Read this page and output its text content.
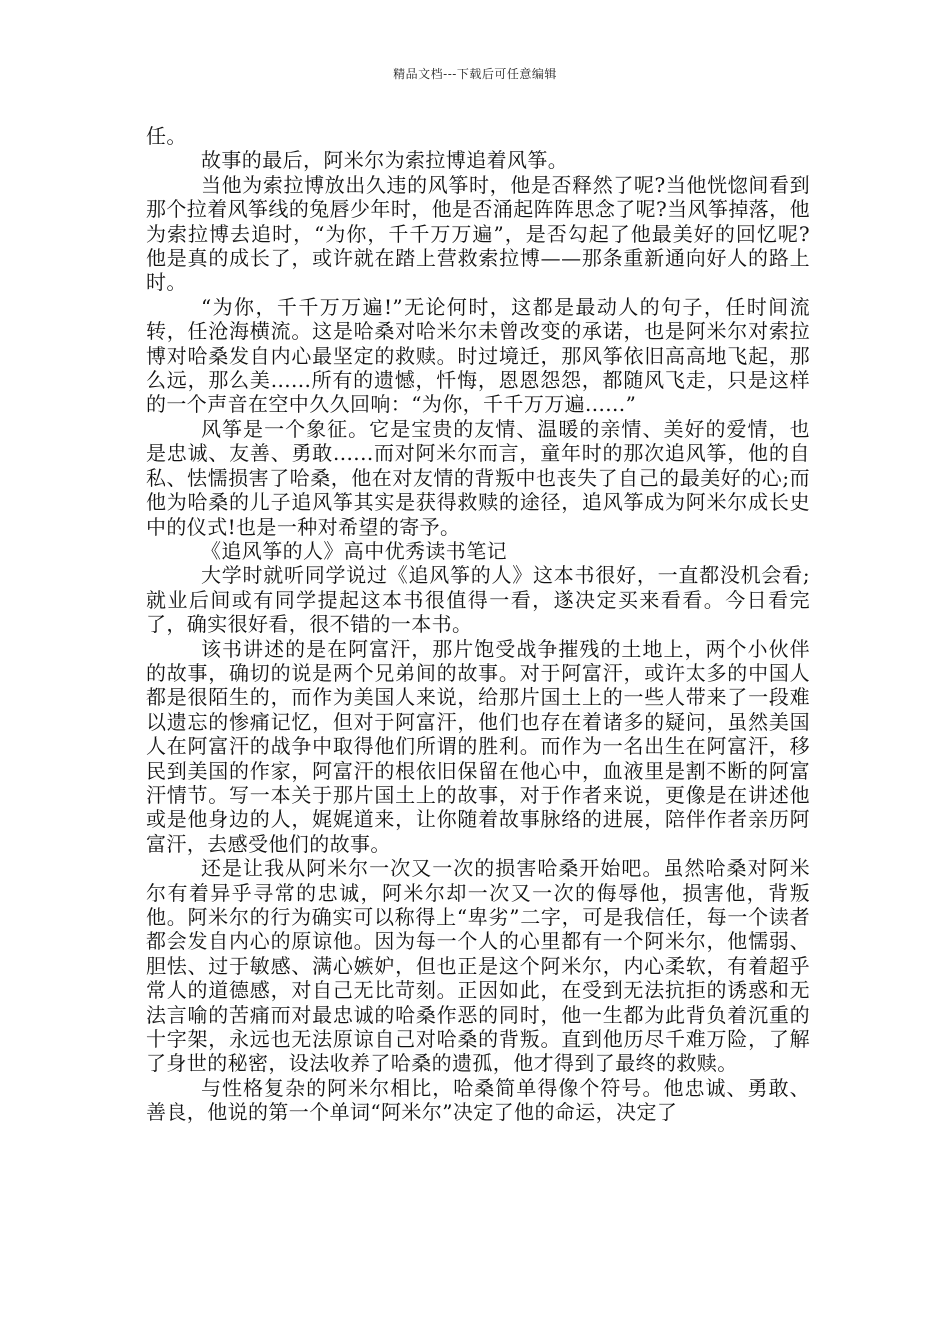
精品文档---下载后可任意编辑

任。

故事的最后，阿米尔为索拉博追着风筝。

当他为索拉博放出久违的风筝时，他是否释然了呢?当他恍惚间看到那个拉着风筝线的兔唇少年时，他是否涌起阵阵思念了呢?当风筝掉落，他为索拉博去追时，“为你，千千万万遍”，是否勾起了他最美好的回忆呢?他是真的成长了，或许就在踏上营救索拉博——那条重新通向好人的路上时。

“为你，千千万万遍!”无论何时，这都是最动人的句子，任时间流转，任沧海横流。这是哈桑对哈米尔未曾改变的承诺，也是阿米尔对索拉博对哈桑发自内心最坚定的救赎。时过境迁，那风筝依旧高高地飞起，那么远，那么美......所有的遗憾，忏悔，恩恩怨怨，都随风飞走，只是这样的一个声音在空中久久回响：“为你，千千万万遍......”

风筝是一个象征。它是宝贵的友情、温暖的亲情、美好的爱情，也是忠诚、友善、勇敢......而对阿米尔而言，童年时的那次追风筝，他的自私、怯懦损害了哈桑，他在对友情的背叛中也丧失了自己的最美好的心;而他为哈桑的儿子追风筝其实是获得救赎的途径，追风筝成为阿米尔成长史中的仪式!也是一种对希望的寄予。

《追风筝的人》高中优秀读书笔记

大学时就听同学说过《追风筝的人》这本书很好，一直都没机会看;就业后间或有同学提起这本书很值得一看，遂决定买来看看。今日看完了，确实很好看，很不错的一本书。

该书讲述的是在阿富汗，那片饱受战争摧残的土地上，两个小伙伴的故事，确切的说是两个兄弟间的故事。对于阿富汗，或许太多的中国人都是很陌生的，而作为美国人来说，给那片国土上的一些人带来了一段难以遗忘的惨痛记忆，但对于阿富汗，他们也存在着诸多的疑问，虽然美国人在阿富汗的战争中取得他们所谓的胜利。而作为一名出生在阿富汗，移民到美国的作家，阿富汗的根依旧保留在他心中，血液里是割不断的阿富汗情节。写一本关于那片国土上的故事，对于作者来说，更像是在讲述他或是他身边的人，娓娓道来，让你随着故事脉络的进展，陪伴作者亲历阿富汗，去感受他们的故事。

还是让我从阿米尔一次又一次的损害哈桑开始吧。虽然哈桑对阿米尔有着异乎寻常的忠诚，阿米尔却一次又一次的侮辱他，损害他，背叛他。阿米尔的行为确实可以称得上“卑劣”二字，可是我信任，每一个读者都会发自内心的原谅他。因为每一个人的心里都有一个阿米尔，他懦弱、胆怯、过于敏感、满心嫉妒，但也正是这个阿米尔，内心柔软，有着超乎常人的道德感，对自己无比苛刻。正因如此，在受到无法抗拒的诱惑和无法言喻的苦痛而对最忠诚的哈桑作恶的同时，他一生都为此背负着沉重的十字架，永远也无法原谅自己对哈桑的背叛。直到他历尽千难万险，了解了身世的秘密，设法收养了哈桑的遗孤，他才得到了最终的救赎。

与性格复杂的阿米尔相比，哈桑简单得像个符号。他忠诚、勇敢、善良，他说的第一个单词“阿米尔”决定了他的命运，决定了
